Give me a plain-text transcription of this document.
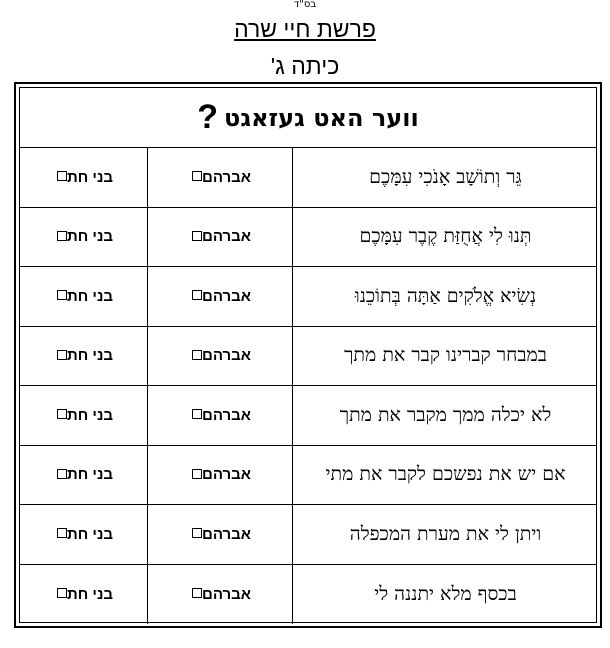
בס"ד
פרשת חיי שרה
כיתה ג'
ווער האט געזאגט
?
גֵּר וְתוֹשָׁב אָנֹכִי עִמָּכֶם
אברהם
בני חת
תְּנוּ לִי אֲחֻזַּת קֶבֶר עִמָּכֶם
אברהם
בני חת
נְשִׂיא אֱלֹקִים אַתָּה בְּתוֹכֵנוּ
אברהם
בני חת
במבחר קברינו קבר את מתך
אברהם
בני חת
לא יכלה ממך מקבר את מתך
אברהם
בני חת
אם יש את נפשכם לקבר את מתי
אברהם
בני חת
ויתן לי את מערת המכפלה
אברהם
בני חת
בכסף מלא יתננה לי
אברהם
בני חת
